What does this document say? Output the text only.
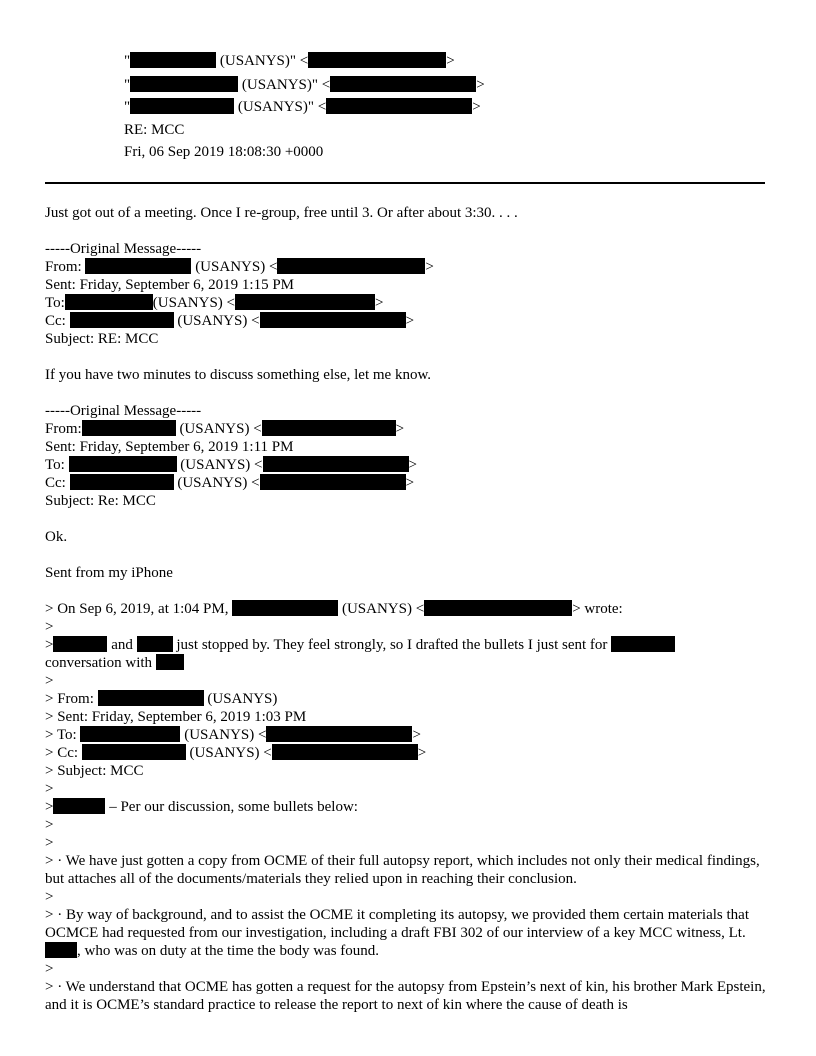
"	(USANYS)" <	>
"	(USANYS)" <	>
"	(USANYS)" <	>
RE: MCC
Fri, 06 Sep 2019 18:08:30 +0000
Just got out of a meeting. Once I re-group, free until 3. Or after about 3:30. . . .
-----Original Message-----
From:	(USANYS) <	>
Sent: Friday, September 6, 2019 1:15 PM
To:	(USANYS) <	>
Cc:	(USANYS) <	>
Subject: RE: MCC
If you have two minutes to discuss something else, let me know.
-----Original Message-----
From:	(USANYS) <	>
Sent: Friday, September 6, 2019 1:11 PM
To:	(USANYS) <	>
Cc:	(USANYS) <	>
Subject: Re: MCC
Ok.
Sent from my iPhone
> On Sep 6, 2019, at 1:04 PM,	(USANYS) <	> wrote:
>
>	and  just stopped by. They feel strongly, so I drafted the bullets I just sent for
conversation with
>
> From:	(USANYS)
> Sent: Friday, September 6, 2019 1:03 PM
> To:	(USANYS) <	>
> Cc:	(USANYS) <	>
> Subject: MCC
>
>	– Per our discussion, some bullets below:
>
>
> · We have just gotten a copy from OCME of their full autopsy report, which includes not only their medical findings, but attaches all of the documents/materials they relied upon in reaching their conclusion.
>
> · By way of background, and to assist the OCME it completing its autopsy, we provided them certain materials that OCMCE had requested from our investigation, including a draft FBI 302 of our interview of a key MCC witness, Lt., who was on duty at the time the body was found.
>
> · We understand that OCME has gotten a request for the autopsy from Epstein’s next of kin, his brother Mark Epstein, and it is OCME’s standard practice to release the report to next of kin where the cause of death is
